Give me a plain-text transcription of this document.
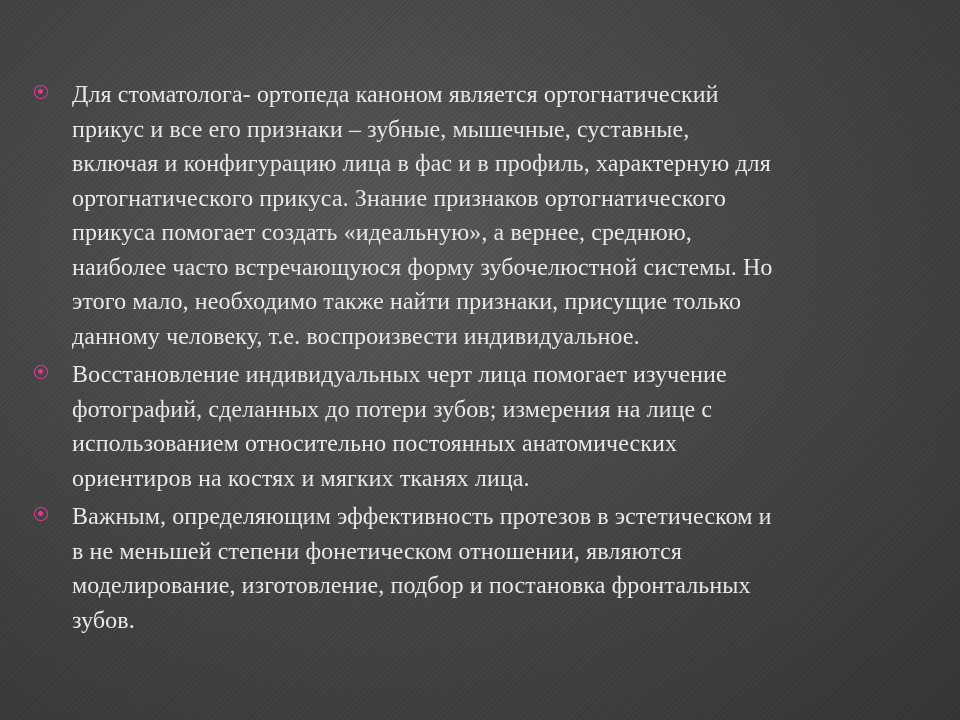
Для стоматолога- ортопеда каноном является ортогнатический
прикус и все его признаки – зубные, мышечные, суставные,
включая и конфигурацию лица в фас и в профиль, характерную для
ортогнатического прикуса. Знание признаков ортогнатического
прикуса помогает создать «идеальную», а вернее, среднюю,
наиболее часто встречающуюся форму зубочелюстной системы. Но
этого мало, необходимо также найти признаки, присущие только
данному человеку, т.е. воспроизвести индивидуальное.
Восстановление индивидуальных черт лица помогает изучение
фотографий, сделанных до потери зубов; измерения на лице с
использованием относительно постоянных анатомических
ориентиров на костях и мягких тканях лица.
Важным, определяющим эффективность протезов в эстетическом и
в не меньшей степени фонетическом отношении, являются
моделирование, изготовление, подбор и постановка фронтальных
зубов.
